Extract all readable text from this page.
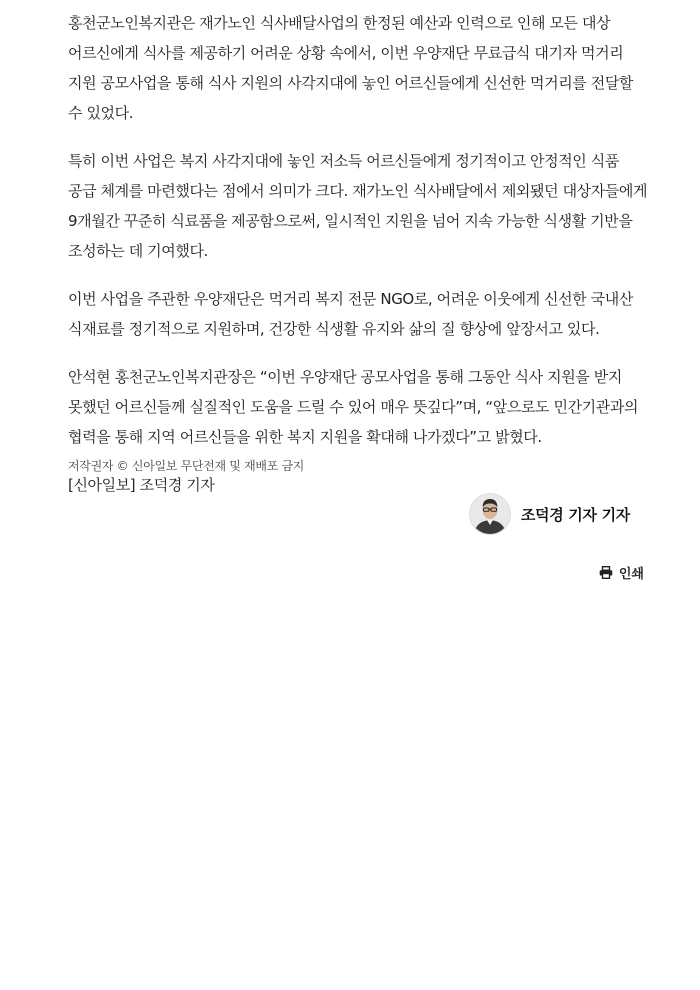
홍천군노인복지관은 재가노인 식사배달사업의 한정된 예산과 인력으로 인해 모든 대상 어르신에게 식사를 제공하기 어려운 상황 속에서, 이번 우양재단 무료급식 대기자 먹거리 지원 공모사업을 통해 식사 지원의 사각지대에 놓인 어르신들에게 신선한 먹거리를 전달할 수 있었다.

특히 이번 사업은 복지 사각지대에 놓인 저소득 어르신들에게 정기적이고 안정적인 식품 공급 체계를 마련했다는 점에서 의미가 크다. 재가노인 식사배달에서 제외됐던 대상자들에게 9개월간 꾸준히 식료품을 제공함으로써, 일시적인 지원을 넘어 지속 가능한 식생활 기반을 조성하는 데 기여했다.

이번 사업을 주관한 우양재단은 먹거리 복지 전문 NGO로, 어려운 이웃에게 신선한 국내산 식재료를 정기적으로 지원하며, 건강한 식생활 유지와 삶의 질 향상에 앞장서고 있다.

안석현 홍천군노인복지관장은 “이번 우양재단 공모사업을 통해 그동안 식사 지원을 받지 못했던 어르신들께 실질적인 도움을 드릴 수 있어 매우 뜻깊다”며, “앞으로도 민간기관과의 협력을 통해 지역 어르신들을 위한 복지 지원을 확대해 나가겠다”고 밝혔다.

[신아일보] 조덕경 기자

저작권자 © 신아일보 무단전재 및 재배포 금지
조덕경 기자 기자
인쇄
